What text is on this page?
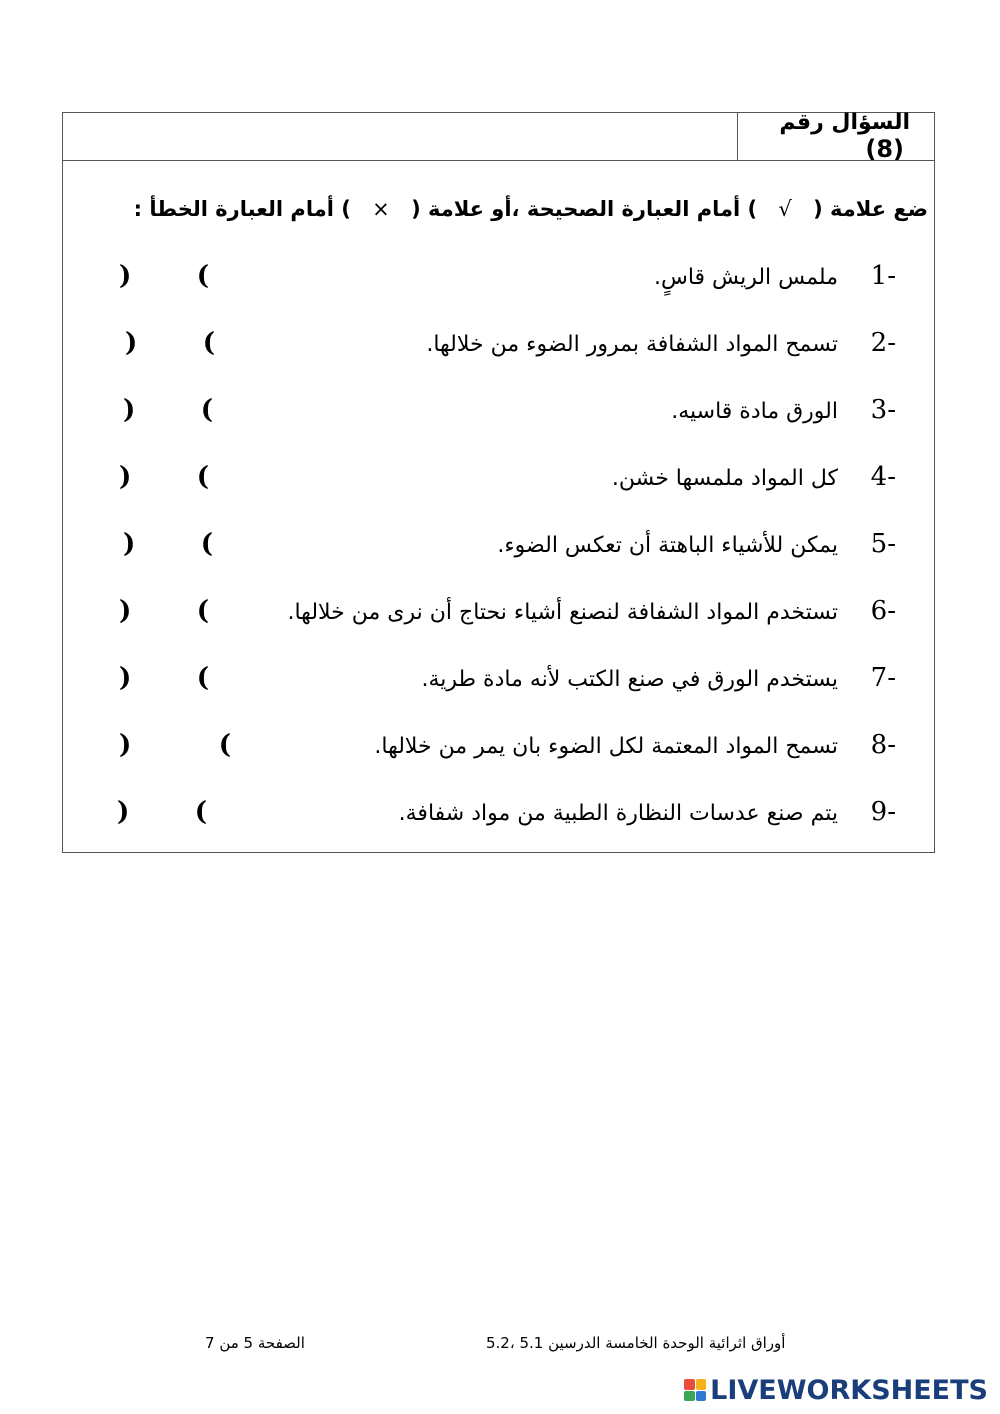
السؤال رقم (8)
ضع علامة ( √ ) أمام العبارة الصحيحة ،أو علامة ( × ) أمام العبارة الخطأ :
1-
ملمس الريش قاسٍ.
)	(
2-
تسمح المواد الشفافة بمرور الضوء من خلالها.
)	(
3-
الورق مادة قاسيه.
)	(
4-
كل المواد ملمسها خشن.
)	(
5-
يمكن للأشياء الباهتة أن تعكس الضوء.
)	(
6-
تستخدم المواد الشفافة لنصنع أشياء نحتاج أن نرى من خلالها.
)	(
7-
يستخدم الورق في صنع الكتب لأنه مادة طرية.
)	(
8-
تسمح المواد المعتمة لكل الضوء بان يمر من خلالها.
)	(
9-
يتم صنع عدسات النظارة الطبية من مواد شفافة.
)	(
أوراق اثرائية الوحدة الخامسة الدرسين 5.1 ،5.2
الصفحة 5 من 7
LIVEWORKSHEETS
